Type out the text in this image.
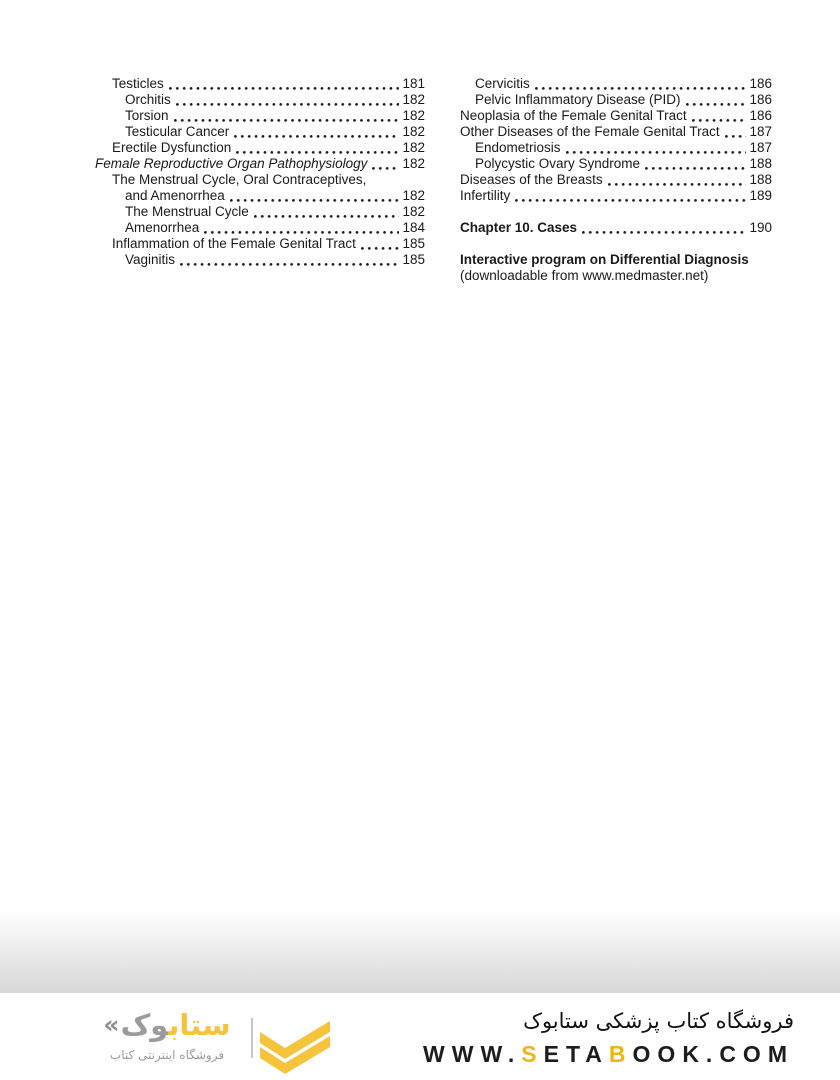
Testicles	181
Orchitis	182
Torsion	182
Testicular Cancer	182
Erectile Dysfunction	182
Female Reproductive Organ Pathophysiology	182
The Menstrual Cycle, Oral Contraceptives,
and Amenorrhea	182
The Menstrual Cycle	182
Amenorrhea	184
Inflammation of the Female Genital Tract	185
Vaginitis	185
Cervicitis	186
Pelvic Inflammatory Disease (PID)	186
Neoplasia of the Female Genital Tract	186
Other Diseases of the Female Genital Tract 187
Endometriosis	187
Polycystic Ovary Syndrome	188
Diseases of the Breasts	188
Infertility	189
Chapter 10. Cases	190
Interactive program on Differential Diagnosis
(downloadable from www.medmaster.net)
« ستابوک
فروشگاه اینترنتی کتاب
فروشگاه کتاب پزشکی ستابوک
WWW.SETABOOK.COM
